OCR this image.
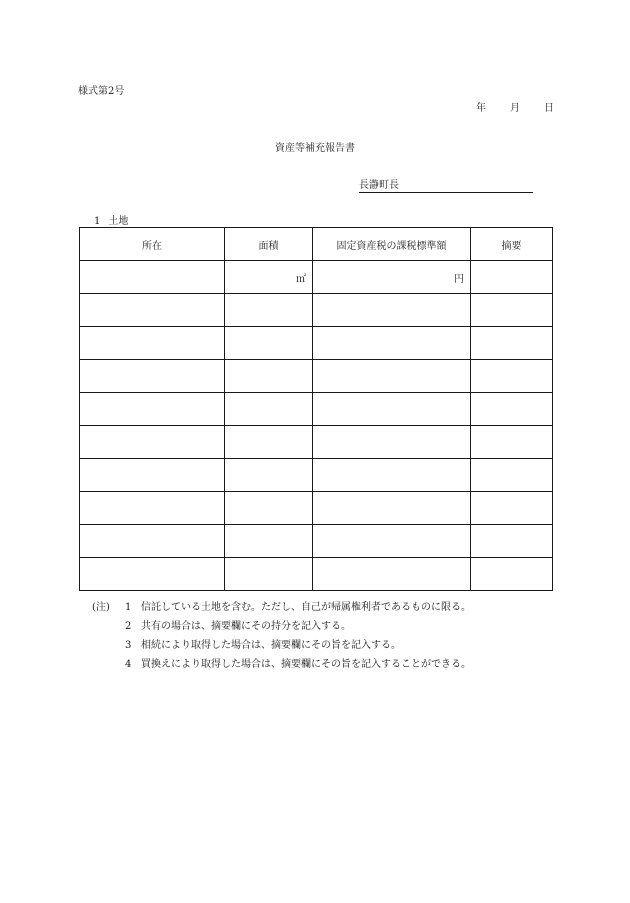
様式第2号
年 月 日
資産等補充報告書
長瀞町長
1 土地
所在	面積	固定資産税の課税標準額	摘要
	㎡	円	

(注) 1 信託している土地を含む。ただし、自己が帰属権利者であるものに限る。
2 共有の場合は、摘要欄にその持分を記入する。
3 相続により取得した場合は、摘要欄にその旨を記入する。
4 買換えにより取得した場合は、摘要欄にその旨を記入することができる。
